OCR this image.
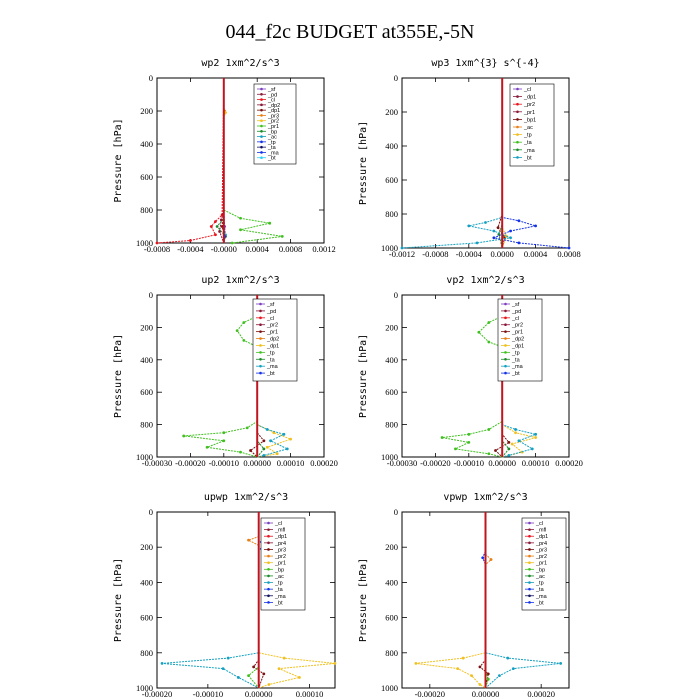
044_f2c BUDGET at355E,-5N
wp2 1xm^2/s^3
Pressure [hPa]
0
200
400
600
800
1000
-0.0008 -0.0004 -0.0000 0.0004 0.0008 0.0012
_sf
_pd
_cl
_dp2
_dp1
_pr3
_pr2
_pr1
_bp
_ac
_tp
_ta
_ma
_bt
wp3 1xm^{3} s^{-4}
Pressure [hPa]
0
200
400
600
800
1000
-0.0012 -0.0008 -0.0004 0.0000 0.0004 0.0008
_cl
_dp1
_pr2
_pr1
_bp1
_ac
_tp
_ta
_ma
_bt
up2 1xm^2/s^3
Pressure [hPa]
0
200
400
600
800
1000
-0.00030 -0.00020 -0.00010 0.00000 0.00010 0.00020
_sf
_pd
_cl
_pr2
_pr1
_dp2
_dp1
_tp
_ta
_ma
_bt
vp2 1xm^2/s^3
Pressure [hPa]
0
200
400
600
800
1000
-0.00030 -0.00020 -0.00010 0.00000 0.00010 0.00020
_sf
_pd
_cl
_pr2
_pr1
_dp2
_dp1
_tp
_ta
_ma
_bt
upwp 1xm^2/s^3
Pressure [hPa]
0
200
400
600
800
1000
-0.00020 -0.00010	0.00000	0.00010
_cl
_mfl
_dp1
_pr4
_pr3
_pr2
_pr1
_bp
_ac
_tp
_ta
_ma
_bt
vpwp 1xm^2/s^3
Pressure [hPa]
0
200
400
600
800
1000
-0.00020	0.00000	0.00020
_cl
_mfl
_dp1
_pr4
_pr3
_pr2
_pr1
_bp
_ac
_tp
_ta
_ma
_bt
